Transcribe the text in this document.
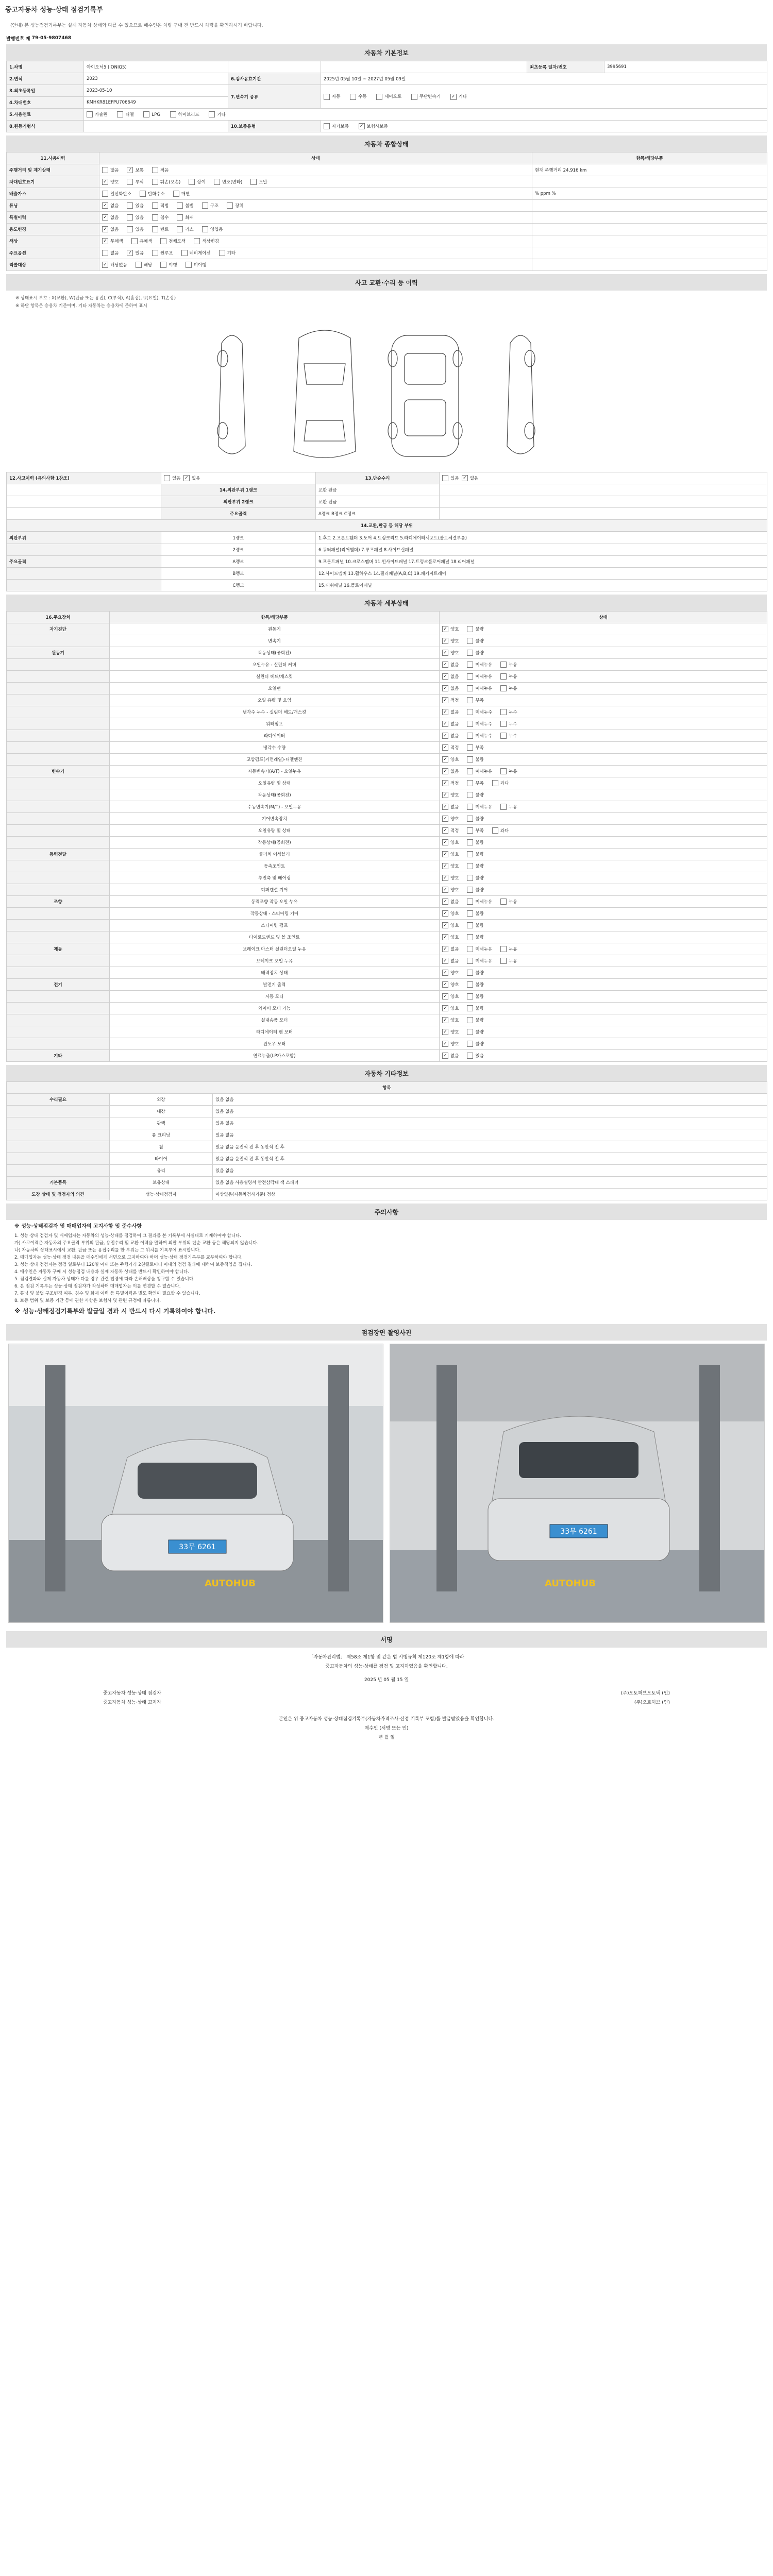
중고자동차 성능·상태 점검기록부
(안내) 본 성능점검기록부는 실제 자동차 상태와 다를 수 있으므로 매수인은 차량 구매 전 반드시 차량을 확인하시기 바랍니다.
발행번호 제
79-05-9807468
자동차 기본정보
1.차명	아이오닉5 (IONIQ5)			최초등록 일자/번호	3995691
2.연식	2023	6.검사유효기간	2025년 05월 10일 ~ 2027년 05월 09일		
3.최초등록일	2023-05-10	7.변속기 종류	자동 수동 세미오토 무단변속기 ✓ 기타
4.차대번호	KMHKR81EFPU706649				
5.사용연료	가솔린 디젤 LPG 하이브리드 기타				
8.원동기형식		10.보증유형	자가보증 ✓ 보험사보증
자동차 종합상태
11.사용이력	상태	항목/해당부품
주행거리 및 계기상태	많음 ✓ 보통 적음	현재 주행거리 24,916 km
차대번호표기	✓양호 부식 훼손(오손) 상이 변조(변타) 도말	
배출가스	일산화탄소 탄화수소 매연	% ppm %
튜닝	✓없음 있음 적법 불법 구조 장치	
특별이력	✓없음 있음 침수 화재	
용도변경	✓없음 있음 렌트 리스 영업용	
색상	✓무채색 유채색 전체도색 색상변경	
주요옵션	없음 ✓ 있음 썬루프 네비게이션 기타	
리콜대상	✓해당없음 해당 이행 미이행	
사고 교환·수리 등 이력
※ 상태표시 부호 : X(교환), W(판금 또는 용접), C(부식), A(흠집), U(요철), T(손상)
※ 하단 항목은 승용차 기준이며, 기타 자동차는 승용차에 준하여 표시
12.사고이력 (유의사항 1참조)	있음 ✓ 없음	13.단순수리	있음 ✓ 없음
	14.외판부위 1랭크	교환 판금	
	외판부위 2랭크	교환 판금	
	주요골격	A랭크 B랭크 C랭크	
14.교환,판금 등 해당 부위			
외판부위	1랭크	1.후드 2.프론트휀더 3.도어 4.트렁크리드 5.라디에이터서포트(볼트체결부품)
	2랭크	6.쿼터패널(리어휀더) 7.루프패널 8.사이드실패널
주요골격	A랭크	9.프론트패널 10.크로스멤버 11.인사이드패널 17.트렁크플로어패널 18.리어패널
	B랭크	12.사이드멤버 13.휠하우스 14.필러패널(A,B,C) 19.패키지트레이
	C랭크	15.대쉬패널 16.플로어패널
자동차 세부상태
16.주요장치	항목/해당부품	상태
자기진단	원동기	✓양호 불량
	변속기	✓양호 불량
원동기	작동상태(공회전)	✓양호 불량
	오일누유 - 실린더 커버	✓없음 미세누유 누유
	실린더 헤드/개스킷	✓없음 미세누유 누유
	오일팬	✓없음 미세누유 누유
	오일 유량 및 오염	✓적정 부족
	냉각수 누수 - 실린더 헤드/개스킷	✓없음 미세누수 누수
	워터펌프	✓없음 미세누수 누수
	라디에이터	✓없음 미세누수 누수
	냉각수 수량	✓적정 부족
	고압펌프(커먼레일)-디젤엔진	✓양호 불량
변속기	자동변속기(A/T) - 오일누유	✓없음 미세누유 누유
	오일유량 및 상태	✓적정 부족 과다
	작동상태(공회전)	✓양호 불량
	수동변속기(M/T) - 오일누유	✓없음 미세누유 누유
	기어변속장치	✓양호 불량
	오일유량 및 상태	✓적정 부족 과다
	작동상태(공회전)	✓양호 불량
동력전달	클러치 어셈블리	✓양호 불량
	등속조인트	✓양호 불량
	추진축 및 베어링	✓양호 불량
	디퍼렌셜 기어	✓양호 불량
조향	동력조향 작동 오일 누유	✓없음 미세누유 누유
	작동상태 - 스티어링 기어	✓양호 불량
	스티어링 펌프	✓양호 불량
	타이로드엔드 및 볼 조인트	✓양호 불량
제동	브레이크 마스터 실린더오일 누유	✓없음 미세누유 누유
	브레이크 오일 누유	✓없음 미세누유 누유
	배력장치 상태	✓양호 불량
전기	발전기 출력	✓양호 불량
	시동 모터	✓양호 불량
	와이퍼 모터 기능	✓양호 불량
	실내송풍 모터	✓양호 불량
	라디에이터 팬 모터	✓양호 불량
	윈도우 모터	✓양호 불량
기타	연료누출(LP가스포함)	✓없음 있음
자동차 기타정보
항목		
수리필요	외장	있음 없음
	내장	있음 없음
	광택	있음 없음
	룸 크리닝	있음 없음
	휠	있음 없음 운전석 전 후 동반석 전 후
	타이어	있음 없음 운전석 전 후 동반석 전 후
	유리	있음 없음
기본품목	보유상태	있음 없음 사용설명서 안전삼각대 잭 스패너
도장 상태 및 점검자의 의견	성능·상태점검자	이상없음(자동차검사기준) 정상
주의사항
※ 성능·상태점검자 및 매매업자의 고지사항 및 준수사항
1. 성능·상태 점검자 및 매매업자는 자동차의 성능·상태를 점검하여 그 결과를 본 기록부에 사실대로 기재하여야 합니다.
가) 사고이력은 자동차의 주요골격 부위의 판금, 용접수리 및 교환 이력을 말하며 외판 부위의 단순 교환 등은 해당되지 않습니다.
나) 자동차의 상태표시에서 교환, 판금 또는 용접수리를 한 부위는 그 위치를 기록부에 표시합니다.
2. 매매업자는 성능·상태 점검 내용을 매수인에게 서면으로 고지하여야 하며 성능·상태 점검기록부를 교부하여야 합니다.
3. 성능·상태 점검자는 점검 일로부터 120일 이내 또는 주행거리 2천킬로미터 이내의 점검 결과에 대하여 보증책임을 집니다.
4. 매수인은 자동차 구매 시 성능점검 내용과 실제 자동차 상태를 반드시 확인하여야 합니다.
5. 점검결과와 실제 자동차 상태가 다를 경우 관련 법령에 따라 손해배상을 청구할 수 있습니다.
6. 본 점검 기록부는 성능·상태 점검자가 작성하며 매매업자는 이를 변경할 수 없습니다.
7. 튜닝 및 불법 구조변경 여부, 침수 및 화재 이력 등 특별이력은 별도 확인이 필요할 수 있습니다.
8. 보증 범위 및 보증 기간 등에 관한 사항은 보험사 및 관련 규정에 따릅니다.
※ 성능·상태점검기록부와 발급일 경과 시 반드시 다시 기록하여야 합니다.
점검장면 촬영사진
33무 6261
AUTOHUB
33무 6261
AUTOHUB
서명
「자동차관리법」 제58조 제1항 및 같은 법 시행규칙 제120조 제1항에 따라
중고자동차의 성능·상태를 점검 및 고지하였음을 확인합니다.
2025 년 05 월 15 일
중고자동차 성능·상태 점검자	(주)오토허브오토택 (인)
중고자동차 성능·상태 고지자	(주)오토허브 (인)
본인은 위 중고자동차 성능·상태점검기록부(자동차가격조사·산정 기록부 포함)를 발급받았음을 확인합니다.
매수인 (서명 또는 인)
년 월 일
